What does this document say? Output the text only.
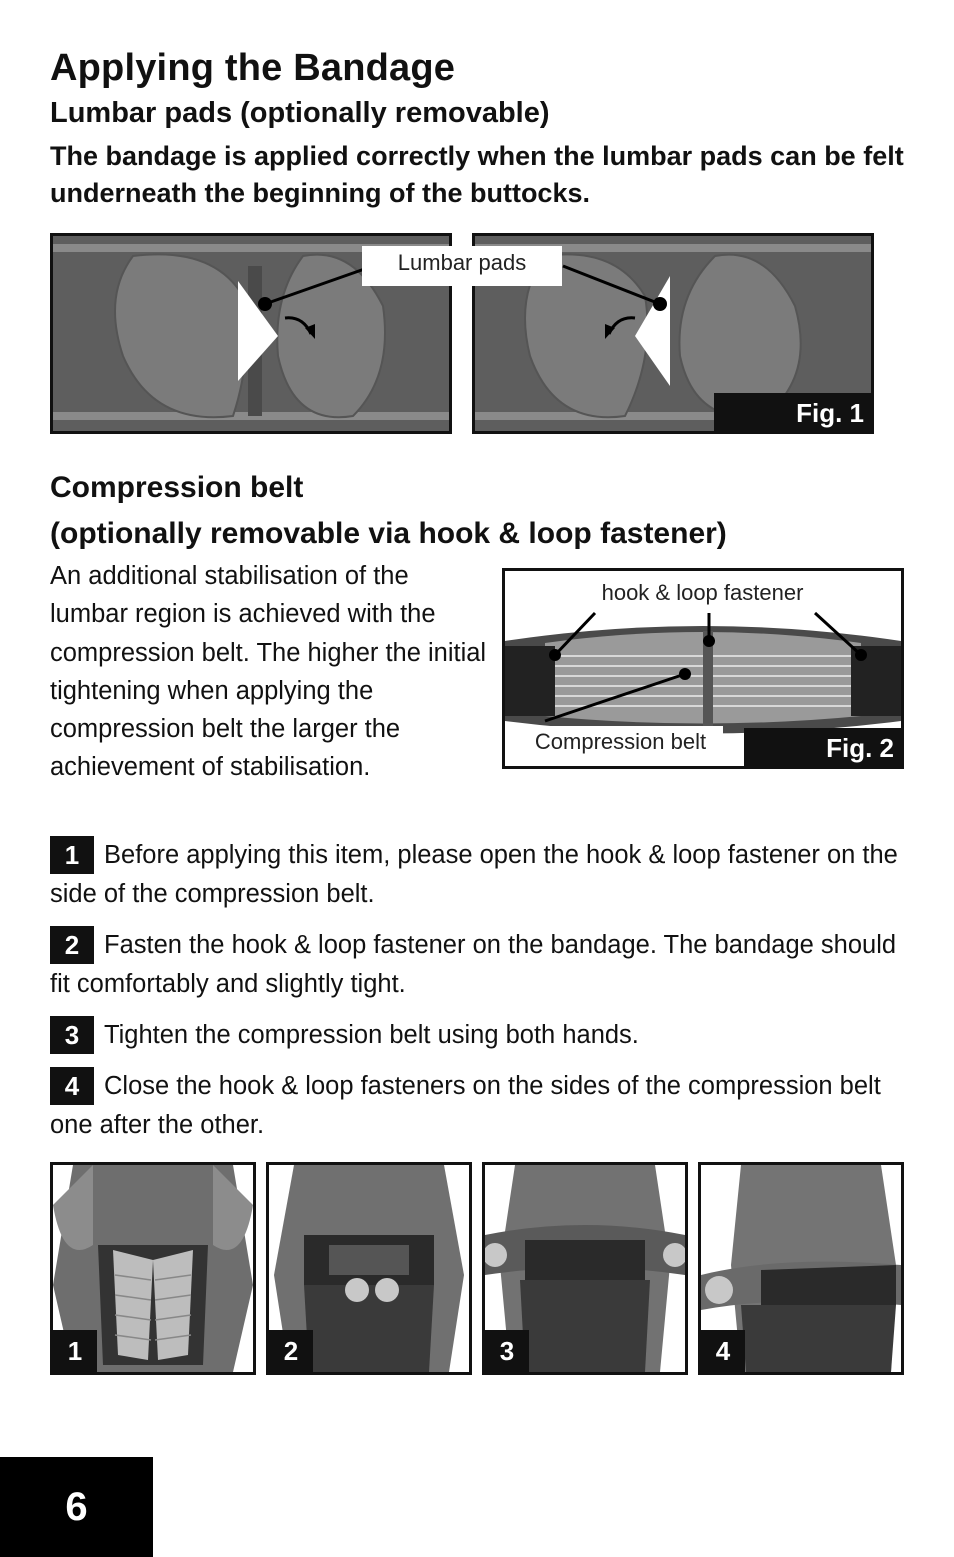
Applying the Bandage
Lumbar pads (optionally removable)
The bandage is applied correctly when the lumbar pads can be felt underneath the beginning of the buttocks.
Lumbar pads
Fig. 1
Compression belt
(optionally removable via hook & loop fastener)
An additional stabilisation of the lumbar region is achieved with the compression belt. The higher the initial tightening when applying the compression belt the larger the achievement of stabilisation.
hook & loop fastener
Compression belt	Fig. 2
1 Before applying this item, please open the hook & loop fastener on the side of the compression belt.
2 Fasten the hook & loop fastener on the bandage. The bandage should fit comfortably and slightly tight.
3 Tighten the compression belt using both hands.
4 Close the hook & loop fasteners on the sides of the compression belt one after the other.
1	2	3	4
6
